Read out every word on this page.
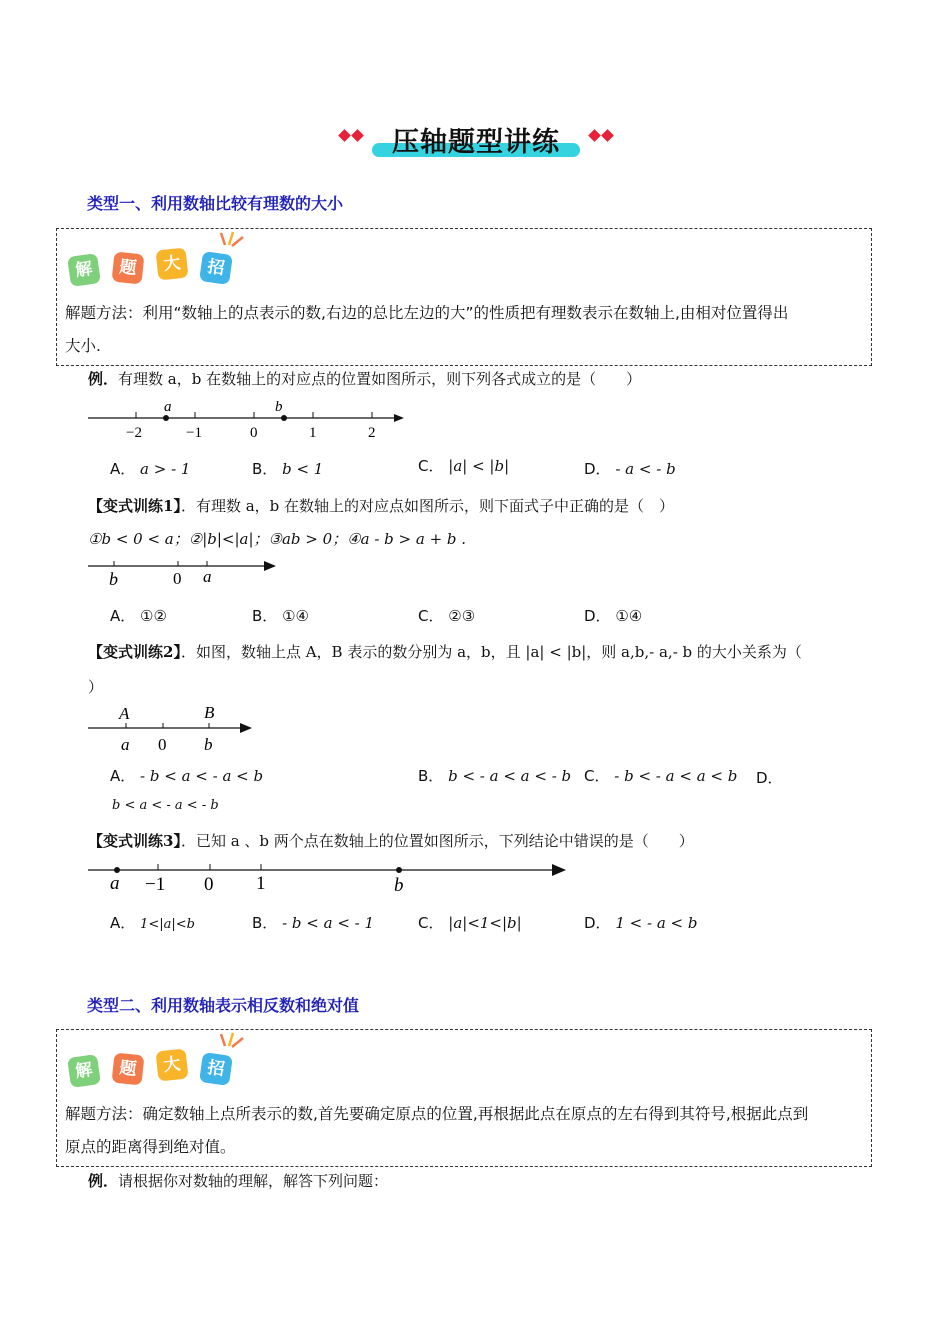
压轴题型讲练
类型一、利用数轴比较有理数的大小
解	题	大	招
解题方法：利用“数轴上的点表示的数,右边的总比左边的大”的性质把有理数表示在数轴上,由相对位置得出
大小.
例．有理数 a，b 在数轴上的对应点的位置如图所示，则下列各式成立的是（　　）
a	b
−2	−1	0	1	2
A． a > - 1	B． b < 1	C． |a| < |b|	D． - a < - b
【变式训练1】．有理数 a，b 在数轴上的对应点如图所示，则下面式子中正确的是（　）
①b < 0 < a；②|b|<|a|；③ab > 0；④a - b > a + b .
b	0 a
A． ①②	B． ①④	C． ②③	D． ①④
【变式训练2】．如图，数轴上点 A，B 表示的数分别为 a，b，且 |a| < |b|，则 a,b,- a,- b 的大小关系为（
）
A	B
a 0 b
A． - b < a < - a < b	B． b < - a < a < - b C． - b < - a < a < b D．
b < a < - a < - b
【变式训练3】．已知 a 、b 两个点在数轴上的位置如图所示，下列结论中错误的是（　　）
a −1 0 1	b
A． 1<|a|<b	B． - b < a < - 1	C． |a|<1<|b|	D． 1 < - a < b
类型二、利用数轴表示相反数和绝对值
解	题	大	招
解题方法：确定数轴上点所表示的数,首先要确定原点的位置,再根据此点在原点的左右得到其符号,根据此点到
原点的距离得到绝对值。
例．请根据你对数轴的理解，解答下列问题：
